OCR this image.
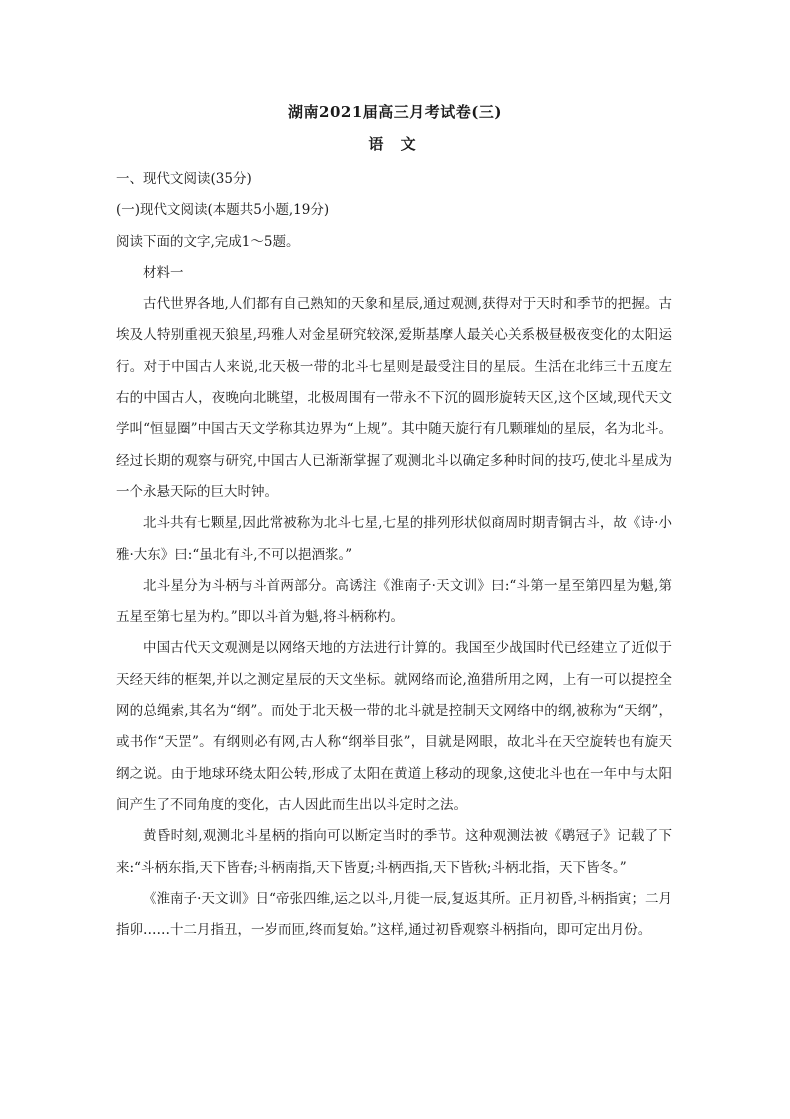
湖南2021届高三月考试卷(三)
语 文

一、现代文阅读(35分)

(一)现代文阅读(本题共5小题,19分)

阅读下面的文字,完成1～5题。

材料一

古代世界各地,人们都有自己熟知的天象和星辰,通过观测,获得对于天时和季节的把握。古埃及人特别重视天狼星,玛雅人对金星研究较深,爱斯基摩人最关心关系极昼极夜变化的太阳运行。对于中国古人来说,北天极一带的北斗七星则是最受注目的星辰。生活在北纬三十五度左右的中国古人，夜晚向北眺望，北极周围有一带永不下沉的圆形旋转天区,这个区域,现代天文学叫“恒显圈”中国古天文学称其边界为“上规”。其中随天旋行有几颗璀灿的星辰，名为北斗。经过长期的观察与研究,中国古人已渐渐掌握了观测北斗以确定多种时间的技巧,使北斗星成为一个永悬天际的巨大时钟。

北斗共有七颗星,因此常被称为北斗七星,七星的排列形状似商周时期青铜古斗，故《诗·小雅·大东》曰:“虽北有斗,不可以挹酒浆。”

北斗星分为斗柄与斗首两部分。高诱注《淮南子·天文训》曰:“斗第一星至第四星为魁,第五星至第七星为杓。”即以斗首为魁,将斗柄称杓。

中国古代天文观测是以网络天地的方法进行计算的。我国至少战国时代已经建立了近似于天经天纬的框架,并以之测定星辰的天文坐标。就网络而论,渔猎所用之网，上有一可以提控全网的总绳索,其名为“纲”。而处于北天极一带的北斗就是控制天文网络中的纲,被称为“天纲”，或书作“天罡”。有纲则必有网,古人称“纲举目张”，目就是网眼，故北斗在天空旋转也有旋天纲之说。由于地球环绕太阳公转,形成了太阳在黄道上移动的现象,这使北斗也在一年中与太阳间产生了不同角度的变化，古人因此而生出以斗定时之法。

黄昏时刻,观测北斗星柄的指向可以断定当时的季节。这种观测法被《鹖冠子》记载了下来:“斗柄东指,天下皆春;斗柄南指,天下皆夏;斗柄西指,天下皆秋;斗柄北指，天下皆冬。”

《淮南子·天文训》日“帝张四维,运之以斗,月徙一辰,复返其所。正月初昏,斗柄指寅；二月指卯……十二月指丑，一岁而匝,终而复始。”这样,通过初昏观察斗柄指向，即可定出月份。
